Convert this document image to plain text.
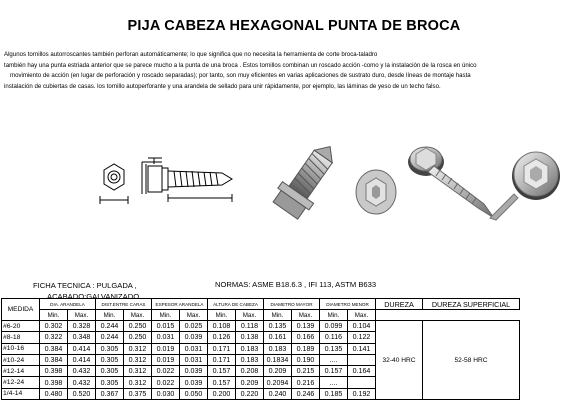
PIJA CABEZA HEXAGONAL PUNTA DE BROCA

Algunos tornillos autorroscantes también perforan automáticamente; lo que significa que no necesita la herramienta de corte broca-taladro

también hay una punta estriada anterior que se parece mucho a la punta de una broca . Estos tornillos combinan un roscado acción -como y la instalación de la rosca en único

movimiento de acción (en lugar de perforación y roscado separadas); por tanto, son muy eficientes en varias aplicaciones de sustrato duro, desde líneas de montaje hasta

instalación de cubiertas de casas. los tornillo autoperforante y una arandela de sellado para unir rápidamente, por ejemplo, las láminas de yeso de un techo falso.

FICHA TECNICA : PULGADA ,
ACABADO:GALVANIZADO
NORMAS: ASME B18.6.3 , IFI 113, ASTM B633
MEDIDA	DIA. ARANDELA		DIST.ENTRE CARAS		ESPESOR ARANDELA		ALTURA DE CABEZA		DIAMETRO MAYOR		DIAMETRO MENOR		DUREZA	DUREZA SUPERFICIAL
	Min.	Max.	Min.	Max.	Min.	Max.	Min.	Max.	Min.	Max.	Min.	Max.		
#6-20	0.302	0.328	0.244	0.250	0.015	0.025	0.108	0.118	0.135	0.139	0.099	0.104	32-40 HRC	52-58 HRC
#8-18	0.322	0.348	0.244	0.250	0.031	0.039	0.126	0.138	0.161	0.166	0.116	0.122		
#10-16	0.384	0.414	0.305	0.312	0.019	0.031	0.171	0.183	0.183	0.189	0.135	0.141		
#10-24	0.384	0.414	0.305	0.312	0.019	0.031	0.171	0.183	0.1834	0.190	....			
#12-14	0.398	0.432	0.305	0.312	0.022	0.039	0.157	0.208	0.209	0.215	0.157	0.164		
#12-24	0.398	0.432	0.305	0.312	0.022	0.039	0.157	0.209	0.2094	0.216	....			
1/4-14	0.480	0.520	0.367	0.375	0.030	0.050	0.200	0.220	0.240	0.246	0.185	0.192		
